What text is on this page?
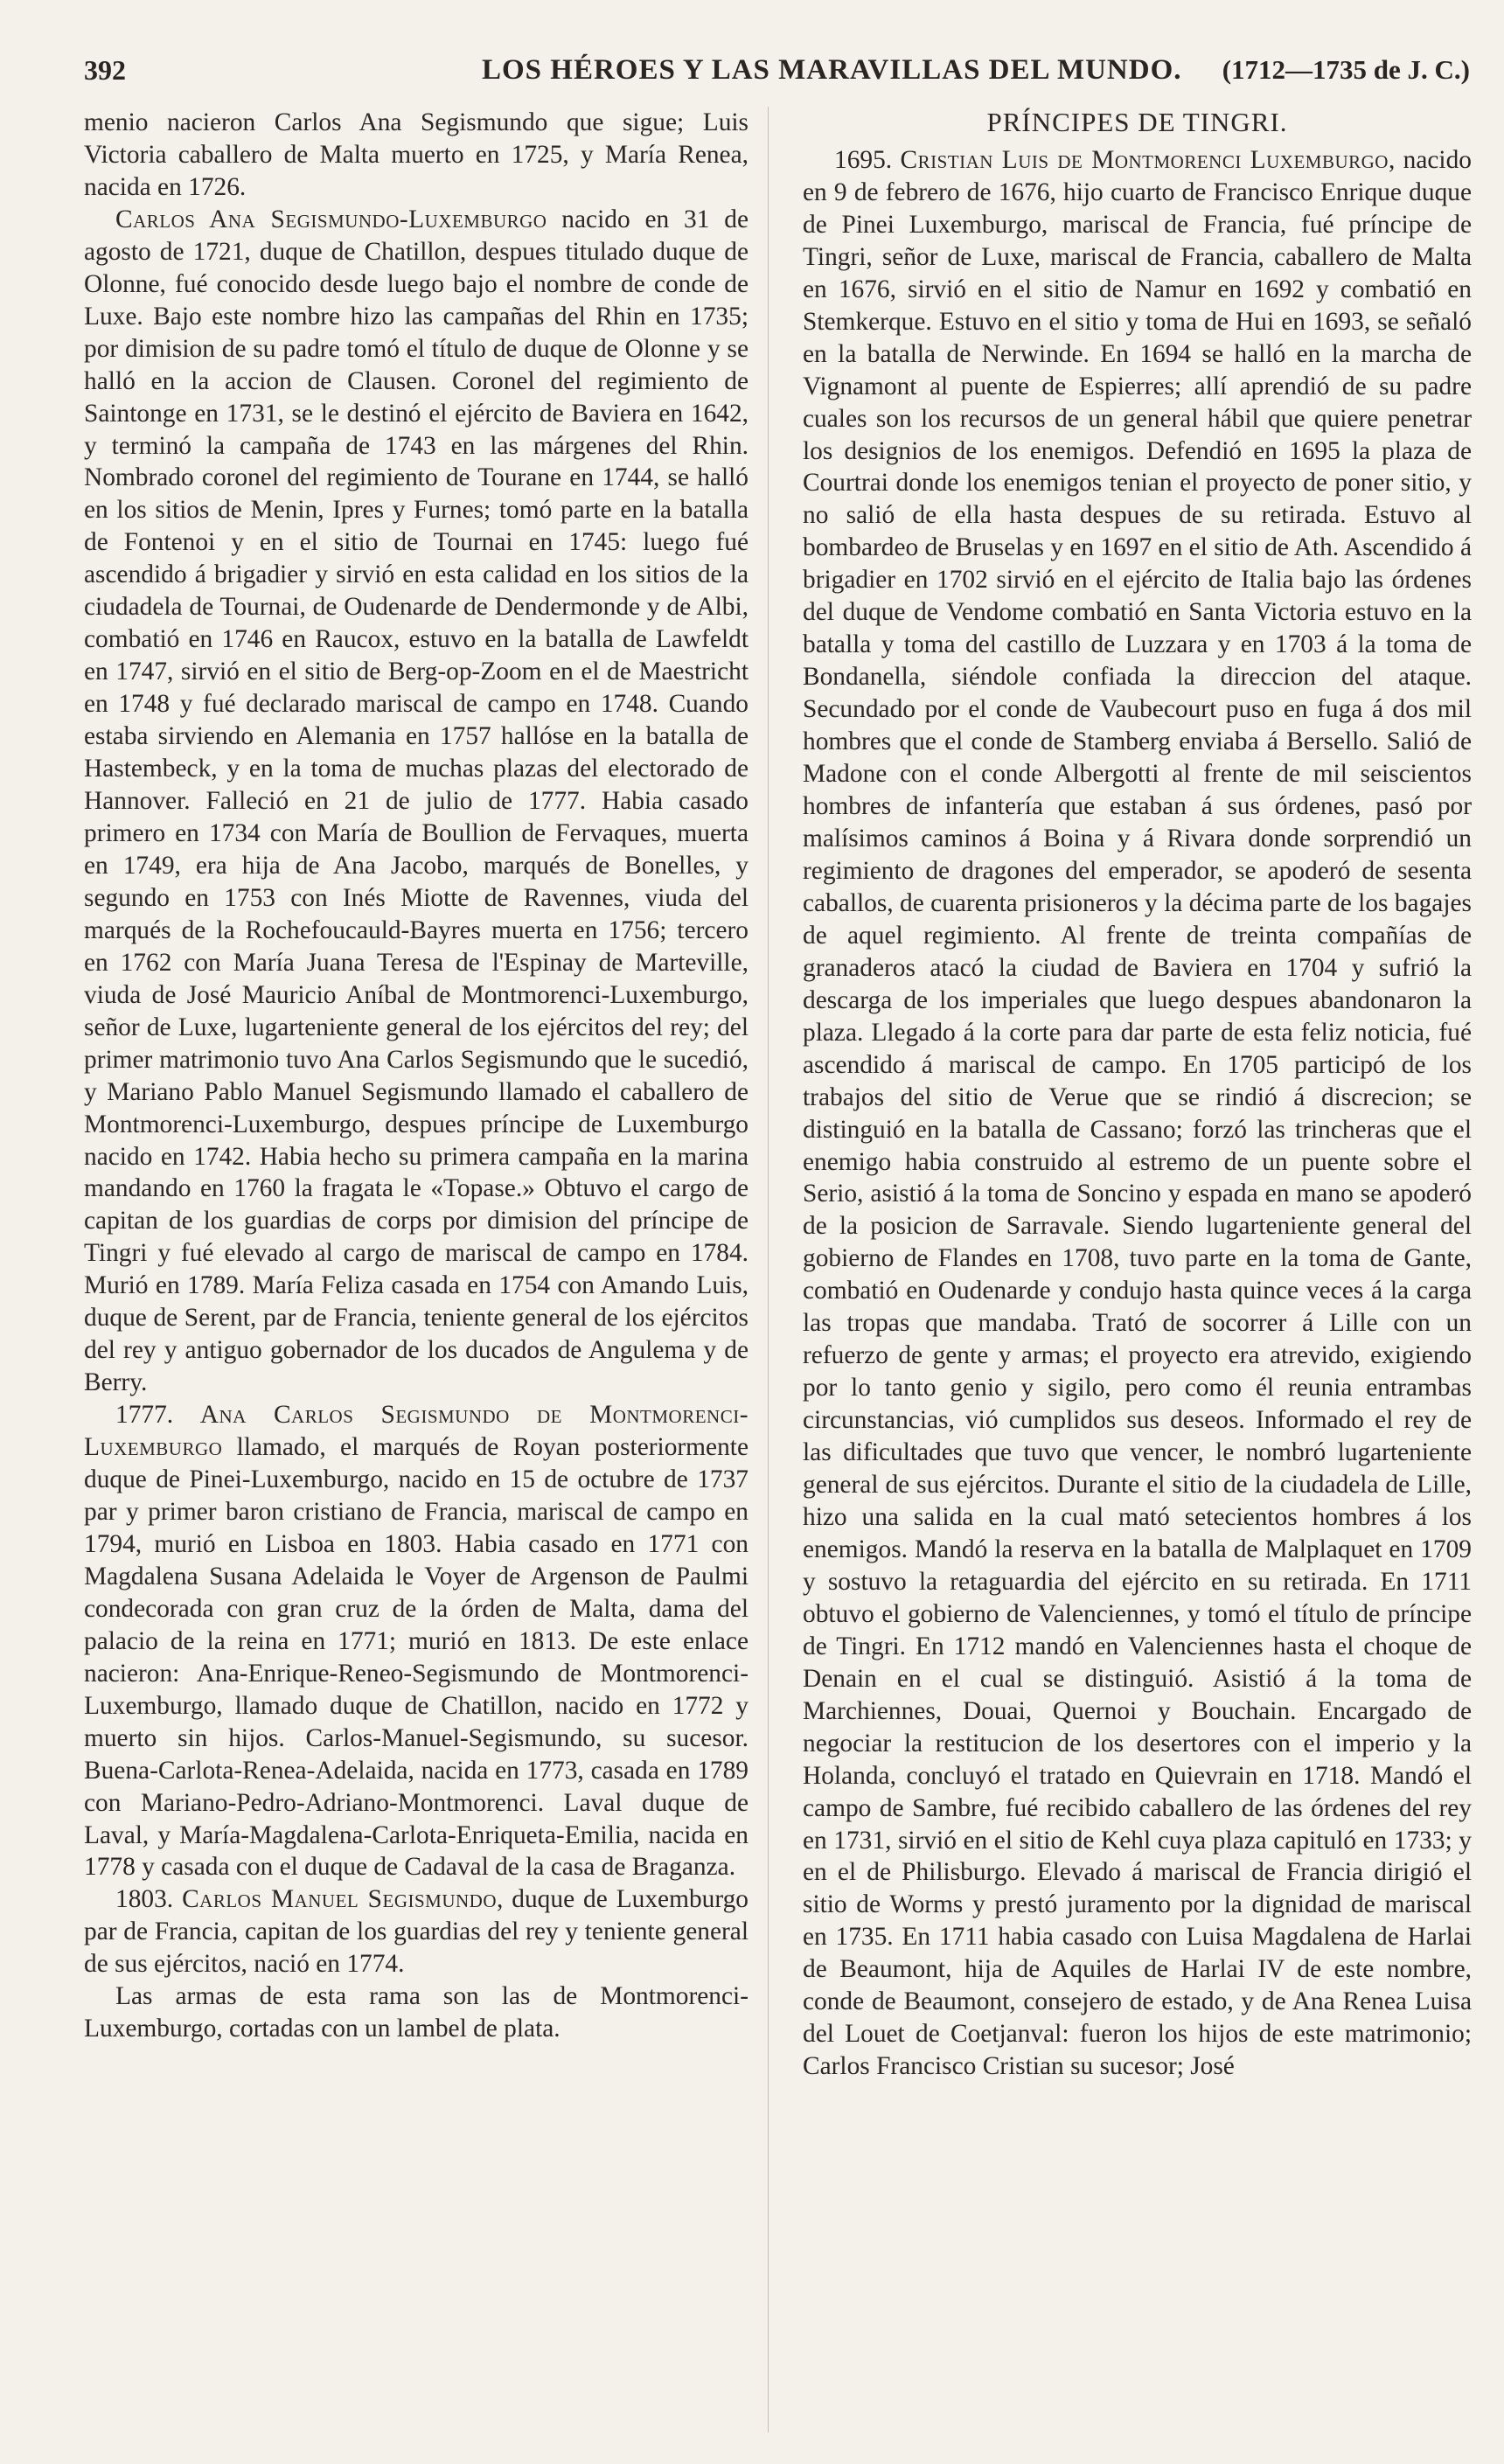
392	LOS HÉROES Y LAS MARAVILLAS DEL MUNDO. (1712—1735 de J. C.)

menio nacieron Carlos Ana Segismundo que sigue; Luis Victoria caballero de Malta muerto en 1725, y María Renea, nacida en 1726.

Carlos Ana Segismundo-Luxemburgo nacido en 31 de agosto de 1721, duque de Chatillon, despues titulado duque de Olonne, fué conocido desde luego bajo el nombre de conde de Luxe. Bajo este nombre hizo las campañas del Rhin en 1735; por dimision de su padre tomó el título de duque de Olonne y se halló en la accion de Clausen. Coronel del regimiento de Saintonge en 1731, se le destinó el ejército de Baviera en 1642, y terminó la campaña de 1743 en las márgenes del Rhin. Nombrado coronel del regimiento de Tourane en 1744, se halló en los sitios de Menin, Ipres y Furnes; tomó parte en la batalla de Fontenoi y en el sitio de Tournai en 1745: luego fué ascendido á brigadier y sirvió en esta calidad en los sitios de la ciudadela de Tournai, de Oudenarde de Dendermonde y de Albi, combatió en 1746 en Raucox, estuvo en la batalla de Lawfeldt en 1747, sirvió en el sitio de Berg-op-Zoom en el de Maestricht en 1748 y fué declarado mariscal de campo en 1748. Cuando estaba sirviendo en Alemania en 1757 hallóse en la batalla de Hastembeck, y en la toma de muchas plazas del electorado de Hannover. Falleció en 21 de julio de 1777. Habia casado primero en 1734 con María de Boullion de Fervaques, muerta en 1749, era hija de Ana Jacobo, marqués de Bonelles, y segundo en 1753 con Inés Miotte de Ravennes, viuda del marqués de la Rochefoucauld-Bayres muerta en 1756; tercero en 1762 con María Juana Teresa de l'Espinay de Marteville, viuda de José Mauricio Aníbal de Montmorenci-Luxemburgo, señor de Luxe, lugarteniente general de los ejércitos del rey; del primer matrimonio tuvo Ana Carlos Segismundo que le sucedió, y Mariano Pablo Manuel Segismundo llamado el caballero de Montmorenci-Luxemburgo, despues príncipe de Luxemburgo nacido en 1742. Habia hecho su primera campaña en la marina mandando en 1760 la fragata le «Topase.» Obtuvo el cargo de capitan de los guardias de corps por dimision del príncipe de Tingri y fué elevado al cargo de mariscal de campo en 1784. Murió en 1789. María Feliza casada en 1754 con Amando Luis, duque de Serent, par de Francia, teniente general de los ejércitos del rey y antiguo gobernador de los ducados de Angulema y de Berry.

1777. Ana Carlos Segismundo de Montmorenci-Luxemburgo llamado, el marqués de Royan posteriormente duque de Pinei-Luxemburgo, nacido en 15 de octubre de 1737 par y primer baron cristiano de Francia, mariscal de campo en 1794, murió en Lisboa en 1803. Habia casado en 1771 con Magdalena Susana Adelaida le Voyer de Argenson de Paulmi condecorada con gran cruz de la órden de Malta, dama del palacio de la reina en 1771; murió en 1813. De este enlace nacieron: Ana-Enrique-Reneo-Segismundo de Montmorenci-Luxemburgo, llamado duque de Chatillon, nacido en 1772 y muerto sin hijos. Carlos-Manuel-Segismundo, su sucesor. Buena-Carlota-Renea-Adelaida, nacida en 1773, casada en 1789 con Mariano-Pedro-Adriano-Montmorenci. Laval duque de Laval, y María-Magdalena-Carlota-Enriqueta-Emilia, nacida en 1778 y casada con el duque de Cadaval de la casa de Braganza.

1803. Carlos Manuel Segismundo, duque de Luxemburgo par de Francia, capitan de los guardias del rey y teniente general de sus ejércitos, nació en 1774.

Las armas de esta rama son las de Montmorenci-Luxemburgo, cortadas con un lambel de plata.

PRÍNCIPES DE TINGRI.

1695. Cristian Luis de Montmorenci Luxemburgo, nacido en 9 de febrero de 1676, hijo cuarto de Francisco Enrique duque de Pinei Luxemburgo, mariscal de Francia, fué príncipe de Tingri, señor de Luxe, mariscal de Francia, caballero de Malta en 1676, sirvió en el sitio de Namur en 1692 y combatió en Stemkerque. Estuvo en el sitio y toma de Hui en 1693, se señaló en la batalla de Nerwinde. En 1694 se halló en la marcha de Vignamont al puente de Espierres; allí aprendió de su padre cuales son los recursos de un general hábil que quiere penetrar los designios de los enemigos. Defendió en 1695 la plaza de Courtrai donde los enemigos tenian el proyecto de poner sitio, y no salió de ella hasta despues de su retirada. Estuvo al bombardeo de Bruselas y en 1697 en el sitio de Ath. Ascendido á brigadier en 1702 sirvió en el ejército de Italia bajo las órdenes del duque de Vendome combatió en Santa Victoria estuvo en la batalla y toma del castillo de Luzzara y en 1703 á la toma de Bondanella, siéndole confiada la direccion del ataque. Secundado por el conde de Vaubecourt puso en fuga á dos mil hombres que el conde de Stamberg enviaba á Bersello. Salió de Madone con el conde Albergotti al frente de mil seiscientos hombres de infantería que estaban á sus órdenes, pasó por malísimos caminos á Boina y á Rivara donde sorprendió un regimiento de dragones del emperador, se apoderó de sesenta caballos, de cuarenta prisioneros y la décima parte de los bagajes de aquel regimiento. Al frente de treinta compañías de granaderos atacó la ciudad de Baviera en 1704 y sufrió la descarga de los imperiales que luego despues abandonaron la plaza. Llegado á la corte para dar parte de esta feliz noticia, fué ascendido á mariscal de campo. En 1705 participó de los trabajos del sitio de Verue que se rindió á discrecion; se distinguió en la batalla de Cassano; forzó las trincheras que el enemigo habia construido al estremo de un puente sobre el Serio, asistió á la toma de Soncino y espada en mano se apoderó de la posicion de Sarravale. Siendo lugarteniente general del gobierno de Flandes en 1708, tuvo parte en la toma de Gante, combatió en Oudenarde y condujo hasta quince veces á la carga las tropas que mandaba. Trató de socorrer á Lille con un refuerzo de gente y armas; el proyecto era atrevido, exigiendo por lo tanto genio y sigilo, pero como él reunia entrambas circunstancias, vió cumplidos sus deseos. Informado el rey de las dificultades que tuvo que vencer, le nombró lugarteniente general de sus ejércitos. Durante el sitio de la ciudadela de Lille, hizo una salida en la cual mató setecientos hombres á los enemigos. Mandó la reserva en la batalla de Malplaquet en 1709 y sostuvo la retaguardia del ejército en su retirada. En 1711 obtuvo el gobierno de Valenciennes, y tomó el título de príncipe de Tingri. En 1712 mandó en Valenciennes hasta el choque de Denain en el cual se distinguió. Asistió á la toma de Marchiennes, Douai, Quernoi y Bouchain. Encargado de negociar la restitucion de los desertores con el imperio y la Holanda, concluyó el tratado en Quievrain en 1718. Mandó el campo de Sambre, fué recibido caballero de las órdenes del rey en 1731, sirvió en el sitio de Kehl cuya plaza capituló en 1733; y en el de Philisburgo. Elevado á mariscal de Francia dirigió el sitio de Worms y prestó juramento por la dignidad de mariscal en 1735. En 1711 habia casado con Luisa Magdalena de Harlai de Beaumont, hija de Aquiles de Harlai IV de este nombre, conde de Beaumont, consejero de estado, y de Ana Renea Luisa del Louet de Coetjanval: fueron los hijos de este matrimonio; Carlos Francisco Cristian su sucesor; José
